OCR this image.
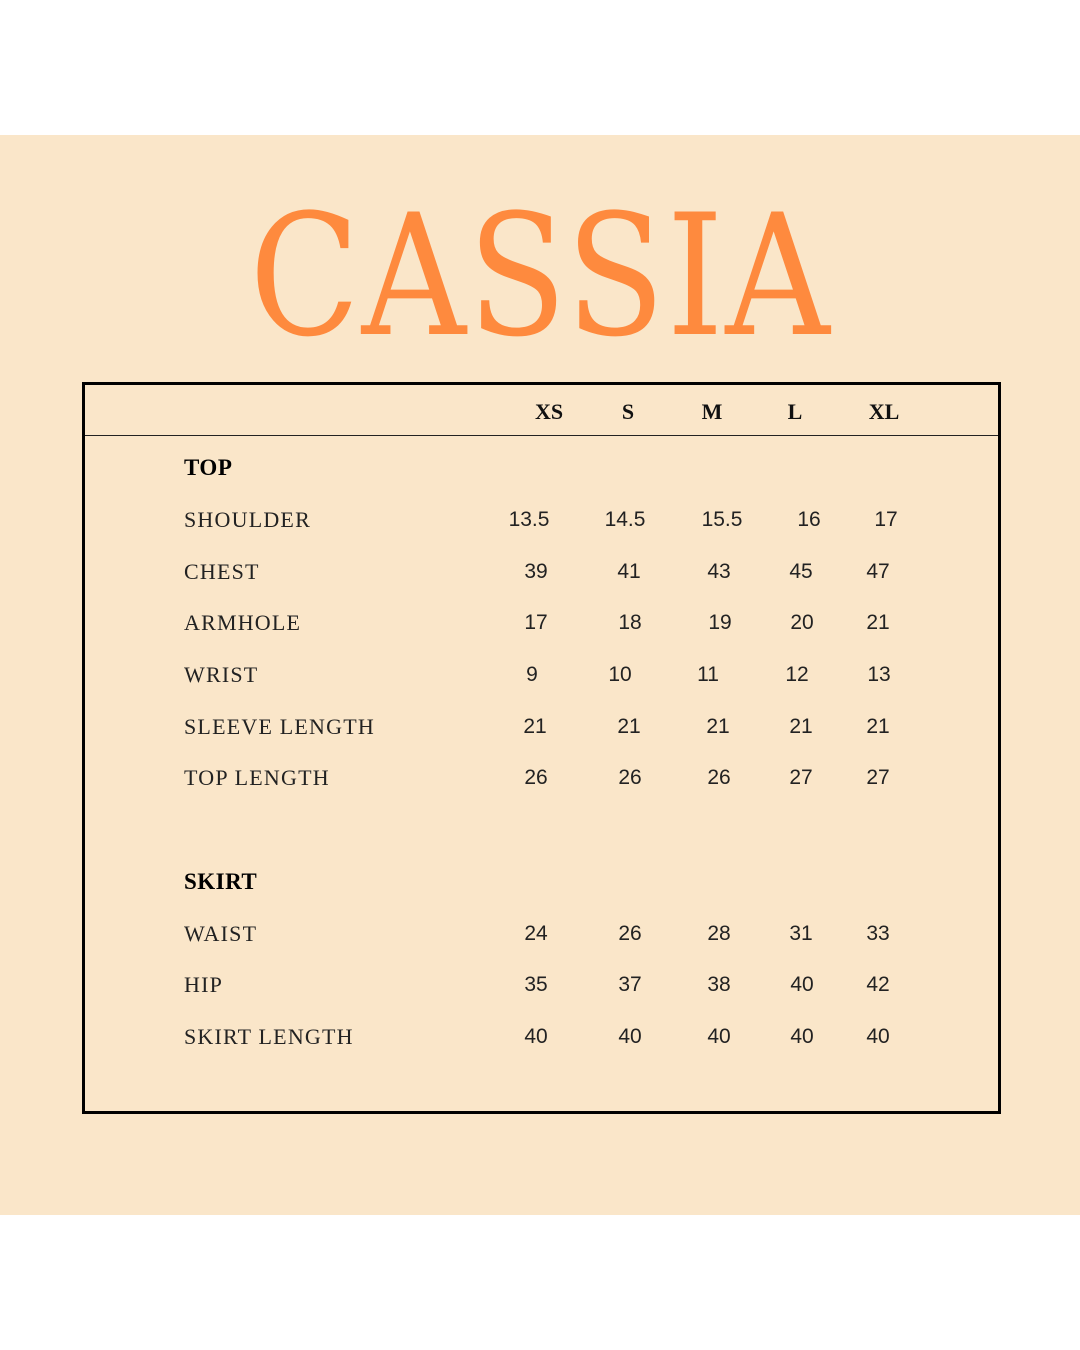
CASSIA
XS	S	M	L	XL
TOP
SHOULDER	13.5	14.5	15.5	16	17
CHEST	39	41	43	45	47
ARMHOLE	17	18	19	20	21
WRIST	9	10	11	12	13
SLEEVE LENGTH	21	21	21	21	21
TOP LENGTH	26	26	26	27	27
SKIRT
WAIST	24	26	28	31	33
HIP	35	37	38	40	42
SKIRT LENGTH	40	40	40	40	40
